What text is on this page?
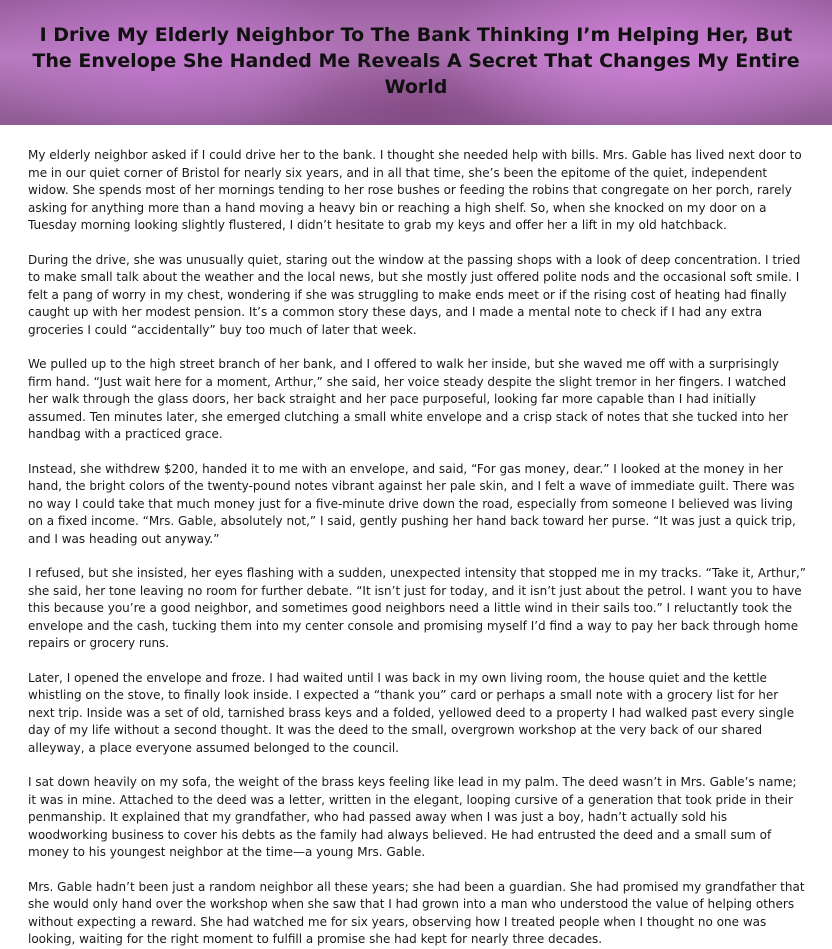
I Drive My Elderly Neighbor To The Bank Thinking I’m Helping Her, But The Envelope She Handed Me Reveals A Secret That Changes My Entire World

My elderly neighbor asked if I could drive her to the bank. I thought she needed help with bills. Mrs. Gable has lived next door to me in our quiet corner of Bristol for nearly six years, and in all that time, she’s been the epitome of the quiet, independent widow. She spends most of her mornings tending to her rose bushes or feeding the robins that congregate on her porch, rarely asking for anything more than a hand moving a heavy bin or reaching a high shelf. So, when she knocked on my door on a Tuesday morning looking slightly flustered, I didn’t hesitate to grab my keys and offer her a lift in my old hatchback.

During the drive, she was unusually quiet, staring out the window at the passing shops with a look of deep concentration. I tried to make small talk about the weather and the local news, but she mostly just offered polite nods and the occasional soft smile. I felt a pang of worry in my chest, wondering if she was struggling to make ends meet or if the rising cost of heating had finally caught up with her modest pension. It’s a common story these days, and I made a mental note to check if I had any extra groceries I could “accidentally” buy too much of later that week.

We pulled up to the high street branch of her bank, and I offered to walk her inside, but she waved me off with a surprisingly firm hand. “Just wait here for a moment, Arthur,” she said, her voice steady despite the slight tremor in her fingers. I watched her walk through the glass doors, her back straight and her pace purposeful, looking far more capable than I had initially assumed. Ten minutes later, she emerged clutching a small white envelope and a crisp stack of notes that she tucked into her handbag with a practiced grace.

Instead, she withdrew $200, handed it to me with an envelope, and said, “For gas money, dear.” I looked at the money in her hand, the bright colors of the twenty-pound notes vibrant against her pale skin, and I felt a wave of immediate guilt. There was no way I could take that much money just for a five-minute drive down the road, especially from someone I believed was living on a fixed income. “Mrs. Gable, absolutely not,” I said, gently pushing her hand back toward her purse. “It was just a quick trip, and I was heading out anyway.”

I refused, but she insisted, her eyes flashing with a sudden, unexpected intensity that stopped me in my tracks. “Take it, Arthur,” she said, her tone leaving no room for further debate. “It isn’t just for today, and it isn’t just about the petrol. I want you to have this because you’re a good neighbor, and sometimes good neighbors need a little wind in their sails too.” I reluctantly took the envelope and the cash, tucking them into my center console and promising myself I’d find a way to pay her back through home repairs or grocery runs.

Later, I opened the envelope and froze. I had waited until I was back in my own living room, the house quiet and the kettle whistling on the stove, to finally look inside. I expected a “thank you” card or perhaps a small note with a grocery list for her next trip. Inside was a set of old, tarnished brass keys and a folded, yellowed deed to a property I had walked past every single day of my life without a second thought. It was the deed to the small, overgrown workshop at the very back of our shared alleyway, a place everyone assumed belonged to the council.

I sat down heavily on my sofa, the weight of the brass keys feeling like lead in my palm. The deed wasn’t in Mrs. Gable’s name; it was in mine. Attached to the deed was a letter, written in the elegant, looping cursive of a generation that took pride in their penmanship. It explained that my grandfather, who had passed away when I was just a boy, hadn’t actually sold his woodworking business to cover his debts as the family had always believed. He had entrusted the deed and a small sum of money to his youngest neighbor at the time—a young Mrs. Gable.

Mrs. Gable hadn’t been just a random neighbor all these years; she had been a guardian. She had promised my grandfather that she would only hand over the workshop when she saw that I had grown into a man who understood the value of helping others without expecting a reward. She had watched me for six years, observing how I treated people when I thought no one was looking, waiting for the right moment to fulfill a promise she had kept for nearly three decades.
